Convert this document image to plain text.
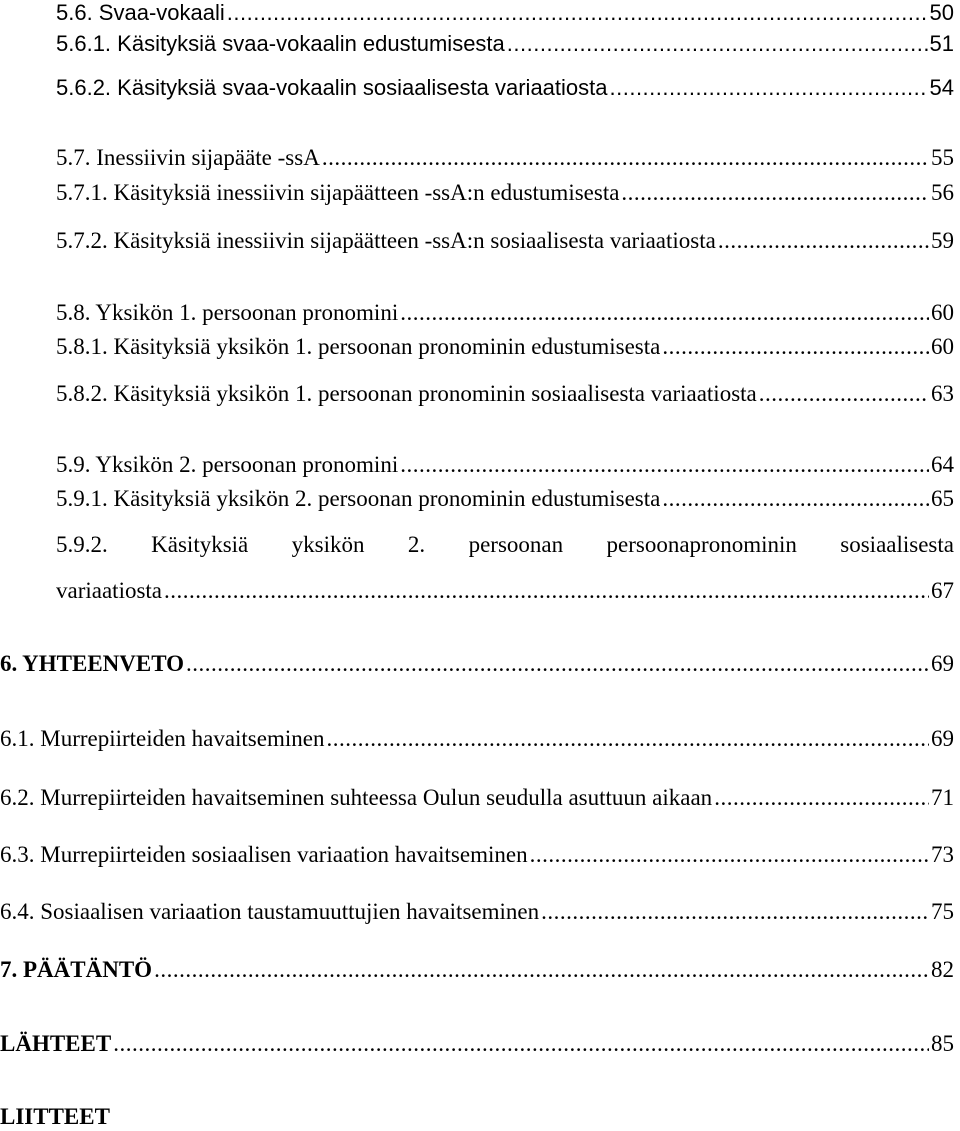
5.6. Svaa-vokaali .....	50
5.6.1. Käsityksiä svaa-vokaalin edustumisesta .....	51
5.6.2. Käsityksiä svaa-vokaalin sosiaalisesta variaatiosta .....	54
5.7. Inessiivin sijapääte -ssA .....	55
5.7.1. Käsityksiä inessiivin sijapäätteen -ssA:n edustumisesta .....	56
5.7.2. Käsityksiä inessiivin sijapäätteen -ssA:n sosiaalisesta variaatiosta .....	59
5.8. Yksikön 1. persoonan pronomini .....	60
5.8.1. Käsityksiä yksikön 1. persoonan pronominin edustumisesta .....	60
5.8.2. Käsityksiä yksikön 1. persoonan pronominin sosiaalisesta variaatiosta .....	63
5.9. Yksikön 2. persoonan pronomini .....	64
5.9.1. Käsityksiä yksikön 2. persoonan pronominin edustumisesta .....	65
5.9.2. Käsityksiä yksikön 2. persoonan persoonapronominin sosiaalisesta
variaatiosta .....	67
6. YHTEENVETO .....	69
6.1. Murrepiirteiden havaitseminen .....	69
6.2. Murrepiirteiden havaitseminen suhteessa Oulun seudulla asuttuun aikaan .....	71
6.3. Murrepiirteiden sosiaalisen variaation havaitseminen .....	73
6.4. Sosiaalisen variaation taustamuuttujien havaitseminen .....	75
7. PÄÄTÄNTÖ .....	82
LÄHTEET .....	85
LIITTEET
